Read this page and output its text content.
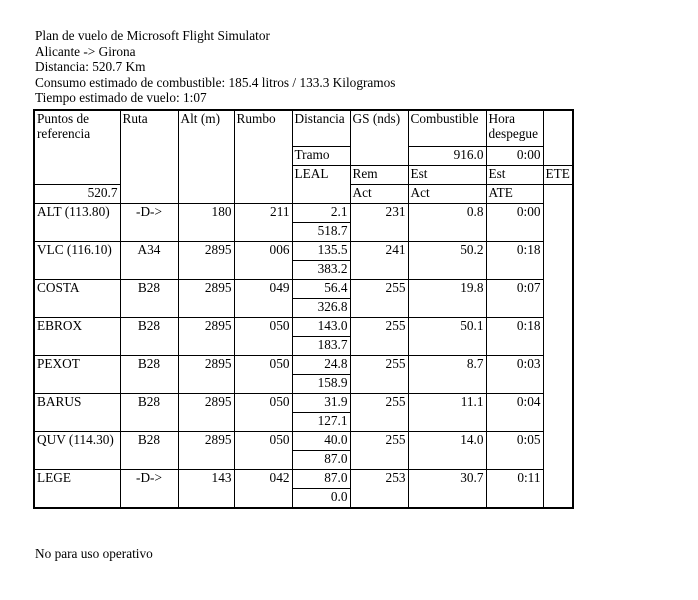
Plan de vuelo de Microsoft Flight Simulator
Alicante -> Girona
Distancia: 520.7 Km
Consumo estimado de combustible: 185.4 litros / 133.3 Kilogramos
Tiempo estimado de vuelo: 1:07
Puntos de referencia	Ruta	Alt (m)	Rumbo	Distancia	GS (nds)	Combustible	Hora despegue	
				Tramo		916.0	0:00	
				LEAL	Rem	Est	Est	ETE
520.7					Act	Act	ATE	
ALT (113.80)	-D->	180	211	2.1	231	0.8	0:00	
				518.7				
VLC (116.10)	A34	2895	006	135.5	241	50.2	0:18	
				383.2				
COSTA	B28	2895	049	56.4	255	19.8	0:07	
				326.8				
EBROX	B28	2895	050	143.0	255	50.1	0:18	
				183.7				
PEXOT	B28	2895	050	24.8	255	8.7	0:03	
				158.9				
BARUS	B28	2895	050	31.9	255	11.1	0:04	
				127.1				
QUV (114.30)	B28	2895	050	40.0	255	14.0	0:05	
				87.0				
LEGE	-D->	143	042	87.0	253	30.7	0:11	
				0.0				
No para uso operativo
